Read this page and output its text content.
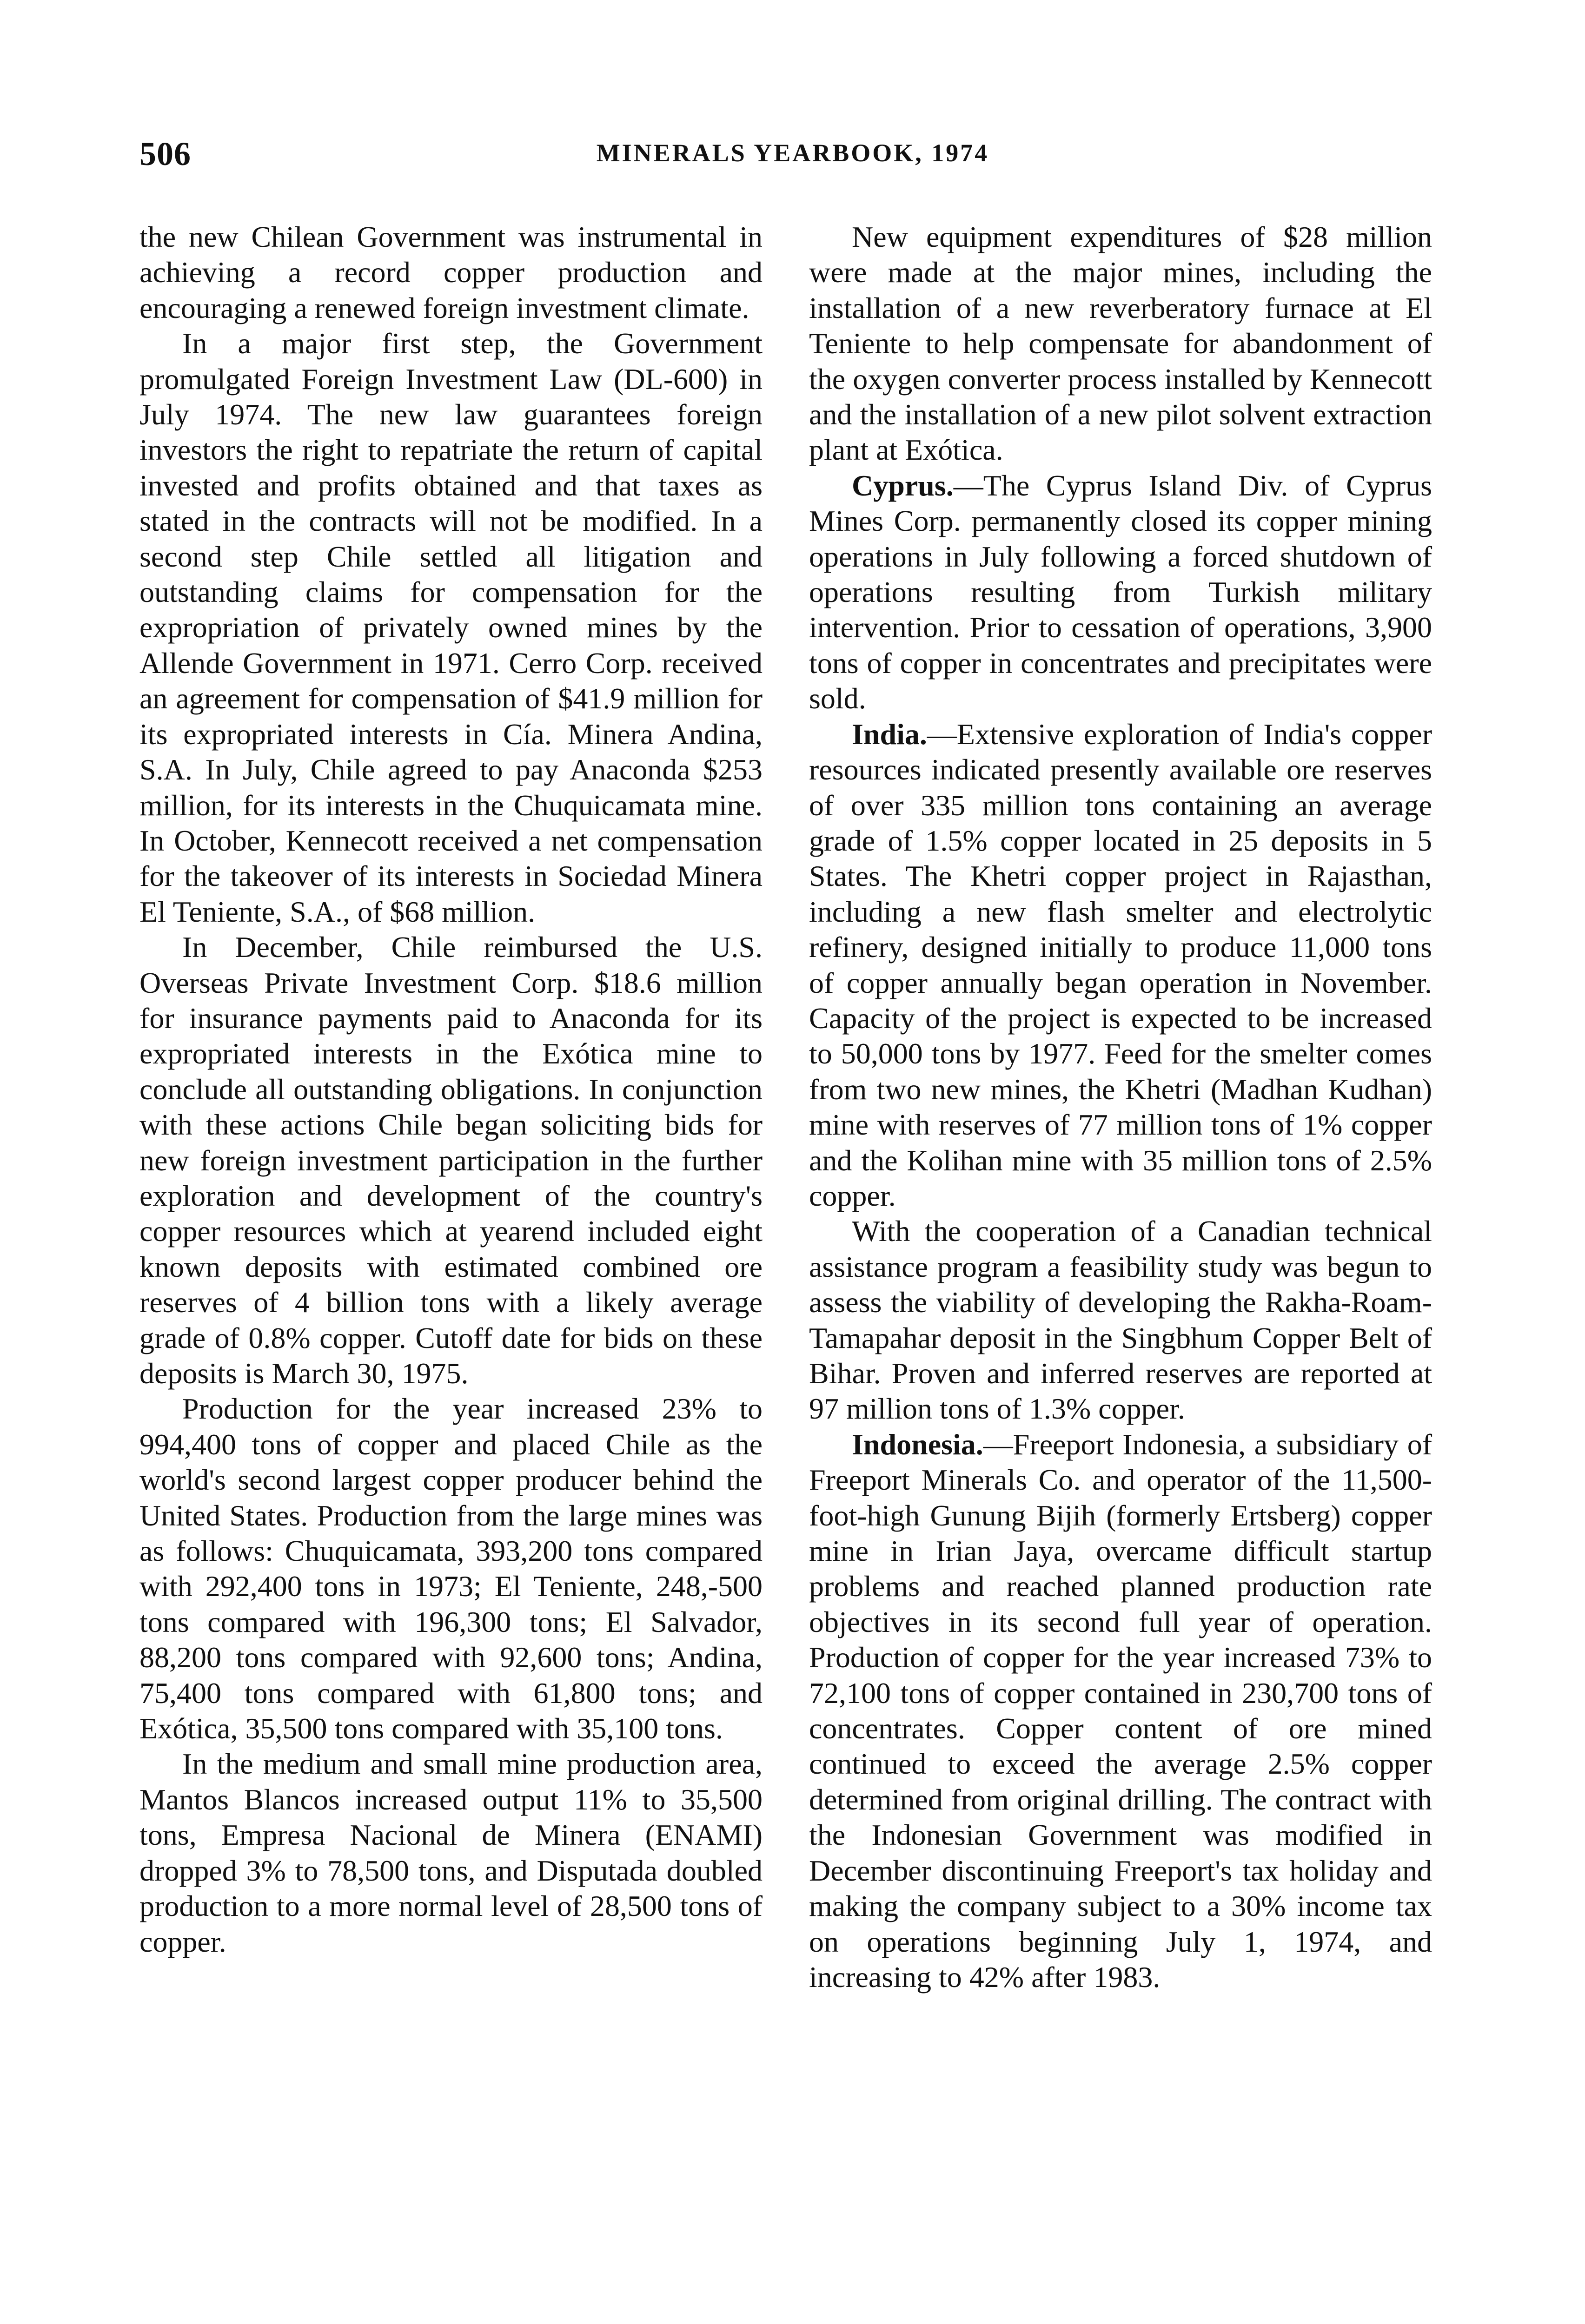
506	MINERALS YEARBOOK, 1974

the new Chilean Government was instrumental in achieving a record copper production and encouraging a renewed foreign investment climate.

In a major first step, the Government promulgated Foreign Investment Law (DL-600) in July 1974. The new law guarantees foreign investors the right to repatriate the return of capital invested and profits obtained and that taxes as stated in the contracts will not be modified. In a second step Chile settled all litigation and outstanding claims for compensation for the expropriation of privately owned mines by the Allende Government in 1971. Cerro Corp. received an agreement for compensation of $41.9 million for its expropriated interests in Cía. Minera Andina, S.A. In July, Chile agreed to pay Anaconda $253 million, for its interests in the Chuquicamata mine. In October, Kennecott received a net compensation for the takeover of its interests in Sociedad Minera El Teniente, S.A., of $68 million.

In December, Chile reimbursed the U.S. Overseas Private Investment Corp. $18.6 million for insurance payments paid to Anaconda for its expropriated interests in the Exótica mine to conclude all outstanding obligations. In conjunction with these actions Chile began soliciting bids for new foreign investment participation in the further exploration and development of the country's copper resources which at yearend included eight known deposits with estimated combined ore reserves of 4 billion tons with a likely average grade of 0.8% copper. Cutoff date for bids on these deposits is March 30, 1975.

Production for the year increased 23% to 994,400 tons of copper and placed Chile as the world's second largest copper producer behind the United States. Production from the large mines was as follows: Chuquicamata, 393,200 tons compared with 292,400 tons in 1973; El Teniente, 248,-500 tons compared with 196,300 tons; El Salvador, 88,200 tons compared with 92,600 tons; Andina, 75,400 tons compared with 61,800 tons; and Exótica, 35,500 tons compared with 35,100 tons.

In the medium and small mine production area, Mantos Blancos increased output 11% to 35,500 tons, Empresa Nacional de Minera (ENAMI) dropped 3% to 78,500 tons, and Disputada doubled production to a more normal level of 28,500 tons of copper.

New equipment expenditures of $28 million were made at the major mines, including the installation of a new reverberatory furnace at El Teniente to help compensate for abandonment of the oxygen converter process installed by Kennecott and the installation of a new pilot solvent extraction plant at Exótica.

Cyprus.—The Cyprus Island Div. of Cyprus Mines Corp. permanently closed its copper mining operations in July following a forced shutdown of operations resulting from Turkish military intervention. Prior to cessation of operations, 3,900 tons of copper in concentrates and precipitates were sold.

India.—Extensive exploration of India's copper resources indicated presently available ore reserves of over 335 million tons containing an average grade of 1.5% copper located in 25 deposits in 5 States. The Khetri copper project in Rajasthan, including a new flash smelter and electrolytic refinery, designed initially to produce 11,000 tons of copper annually began operation in November. Capacity of the project is expected to be increased to 50,000 tons by 1977. Feed for the smelter comes from two new mines, the Khetri (Madhan Kudhan) mine with reserves of 77 million tons of 1% copper and the Kolihan mine with 35 million tons of 2.5% copper.

With the cooperation of a Canadian technical assistance program a feasibility study was begun to assess the viability of developing the Rakha-Roam-Tamapahar deposit in the Singbhum Copper Belt of Bihar. Proven and inferred reserves are reported at 97 million tons of 1.3% copper.

Indonesia.—Freeport Indonesia, a subsidiary of Freeport Minerals Co. and operator of the 11,500-foot-high Gunung Bijih (formerly Ertsberg) copper mine in Irian Jaya, overcame difficult startup problems and reached planned production rate objectives in its second full year of operation. Production of copper for the year increased 73% to 72,100 tons of copper contained in 230,700 tons of concentrates. Copper content of ore mined continued to exceed the average 2.5% copper determined from original drilling. The contract with the Indonesian Government was modified in December discontinuing Freeport's tax holiday and making the company subject to a 30% income tax on operations beginning July 1, 1974, and increasing to 42% after 1983.
